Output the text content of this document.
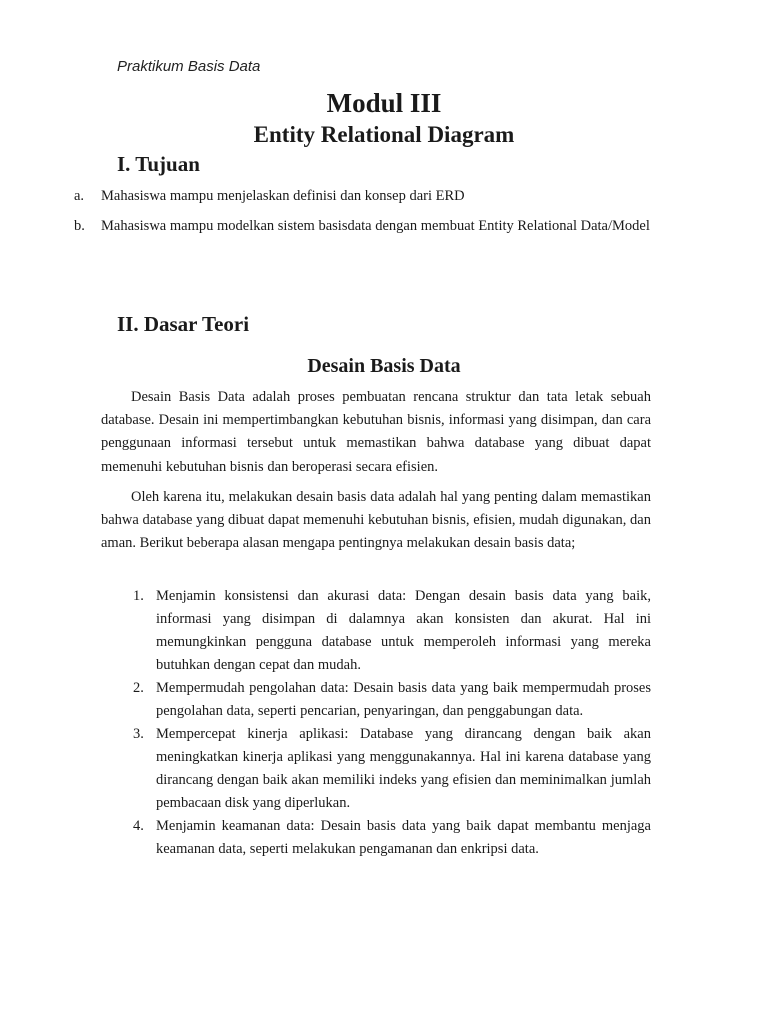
Praktikum Basis Data
Modul III
Entity Relational Diagram
I. Tujuan
a. Mahasiswa mampu menjelaskan definisi dan konsep dari ERD
b. Mahasiswa mampu modelkan sistem basisdata dengan membuat Entity Relational Data/Model
II. Dasar Teori
Desain Basis Data

Desain Basis Data adalah proses pembuatan rencana struktur dan tata letak sebuah database. Desain ini mempertimbangkan kebutuhan bisnis, informasi yang disimpan, dan cara penggunaan informasi tersebut untuk memastikan bahwa database yang dibuat dapat memenuhi kebutuhan bisnis dan beroperasi secara efisien.

Oleh karena itu, melakukan desain basis data adalah hal yang penting dalam memastikan bahwa database yang dibuat dapat memenuhi kebutuhan bisnis, efisien, mudah digunakan, dan aman. Berikut beberapa alasan mengapa pentingnya melakukan desain basis data;

1. Menjamin konsistensi dan akurasi data: Dengan desain basis data yang baik, informasi yang disimpan di dalamnya akan konsisten dan akurat. Hal ini memungkinkan pengguna database untuk memperoleh informasi yang mereka butuhkan dengan cepat dan mudah.
2. Mempermudah pengolahan data: Desain basis data yang baik mempermudah proses pengolahan data, seperti pencarian, penyaringan, dan penggabungan data.
3. Mempercepat kinerja aplikasi: Database yang dirancang dengan baik akan meningkatkan kinerja aplikasi yang menggunakannya. Hal ini karena database yang dirancang dengan baik akan memiliki indeks yang efisien dan meminimalkan jumlah pembacaan disk yang diperlukan.
4. Menjamin keamanan data: Desain basis data yang baik dapat membantu menjaga keamanan data, seperti melakukan pengamanan dan enkripsi data.
